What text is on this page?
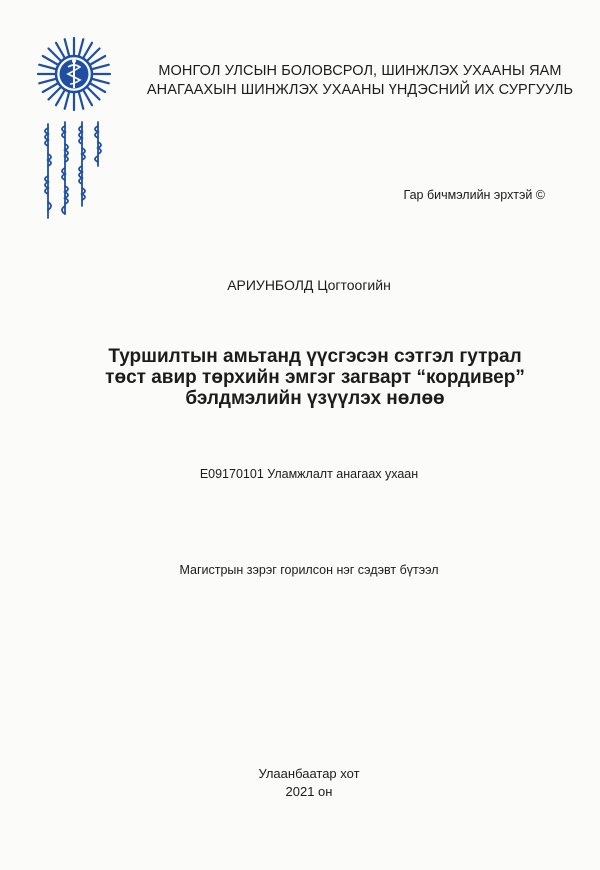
МОНГОЛ УЛСЫН БОЛОВСРОЛ, ШИНЖЛЭХ УХААНЫ ЯАМ
АНАГААХЫН ШИНЖЛЭХ УХААНЫ ҮНДЭСНИЙ ИХ СУРГУУЛЬ
Гар бичмэлийн эрхтэй ©
АРИУНБОЛД Цогтоогийн
Туршилтын амьтанд үүсгэсэн сэтгэл гутрал
төст авир төрхийн эмгэг загварт “кордивер”
бэлдмэлийн үзүүлэх нөлөө
E09170101 Уламжлалт анагаах ухаан
Магистрын зэрэг горилсон нэг сэдэвт бүтээл
Улаанбаатар хот
2021 он
